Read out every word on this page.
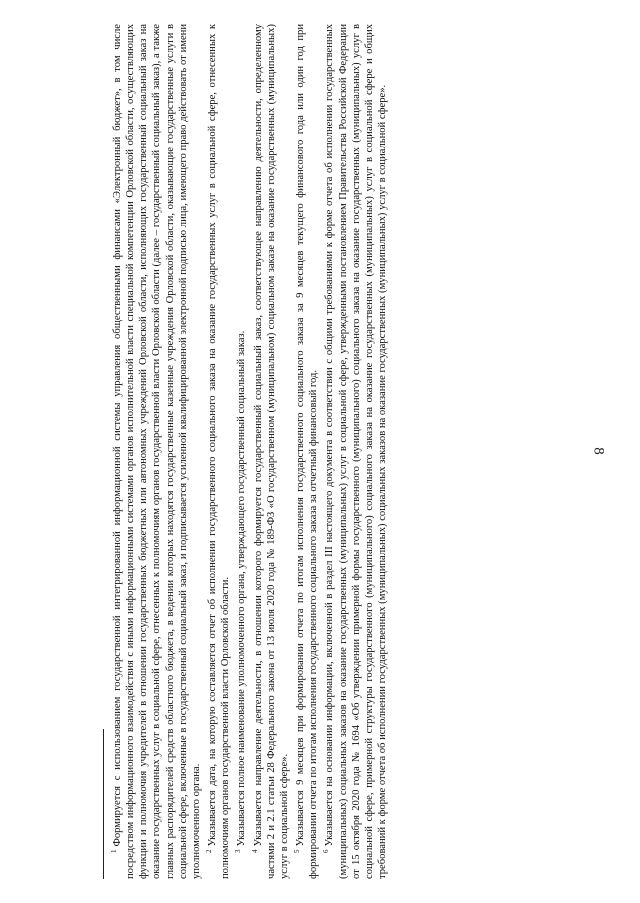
8

$^1$Формируется с использованием государственной интегрированной информационной системы управления общественными финансами «Электронный бюджет», в том числе посредством информационного взаимодействия с иными информационными системами органов исполнительной власти специальной компетенции Орловской области, осуществляющих функции и полномочия учредителей в отношении государственных бюджетных или автономных учреждений Орловской области, исполняющих государственный социальный заказ на оказание государственных услуг в социальной сфере, отнесенных к полномочиям органов государственной власти Орловской области (далее – государственный социальный заказ), а также главных распорядителей средств областного бюджета, в ведении которых находятся государственные казенные учреждения Орловской области, оказывающие государственные услуги в социальной сфере, включенные в государственный социальный заказ, и подписывается усиленной квалифицированной электронной подписью лица, имеющего право действовать от имени уполномоченного органа. $^2$Указывается дата, на которую составляется отчет об исполнении государственного социального заказа на оказание государственных услуг в социальной сфере, отнесенных к полномочиям органов государственной власти Орловской области. $^3$Указывается полное наименование уполномоченного органа, утверждающего государственный социальный заказ.

$^4$Указывается направление деятельности, в отношении которого формируется государственный социальный заказ, соответствующее направлению деятельности, определенному частями 2 и 2.1 статьи 28 Федерального закона от 13 июля 2020 года № 189-ФЗ «О государственном (муниципальном) социальном заказе на оказание государственных (муниципальных) услуг в социальной сфере». $^5$Указывается 9 месяцев при формировании отчета по итогам исполнения государственного социального заказа за 9 месяцев текущего финансового года или один год при формировании отчета по итогам исполнения государственного социального заказа за отчетный финансовый год. $^6$Указывается на основании информации, включенной в раздел III настоящего документа в соответствии с общими требованиями к форме отчета об исполнении государственных (муниципальных) социальных заказов на оказание государственных (муниципальных) услуг в социальной сфере, утвержденными постановлением Правительства Российской Федерации от 15 октября 2020 года № 1694 «Об утверждении примерной формы государственного (муниципального) социального заказа на оказание государственных (муниципальных) услуг в социальной сфере, примерной структуры государственного (муниципального) социального заказа на оказание государственных (муниципальных) услуг в социальной сфере и общих требований к форме отчета об исполнении государственных (муниципальных) социальных заказов на оказание государственных (муниципальных) услуг в социальной сфере».
